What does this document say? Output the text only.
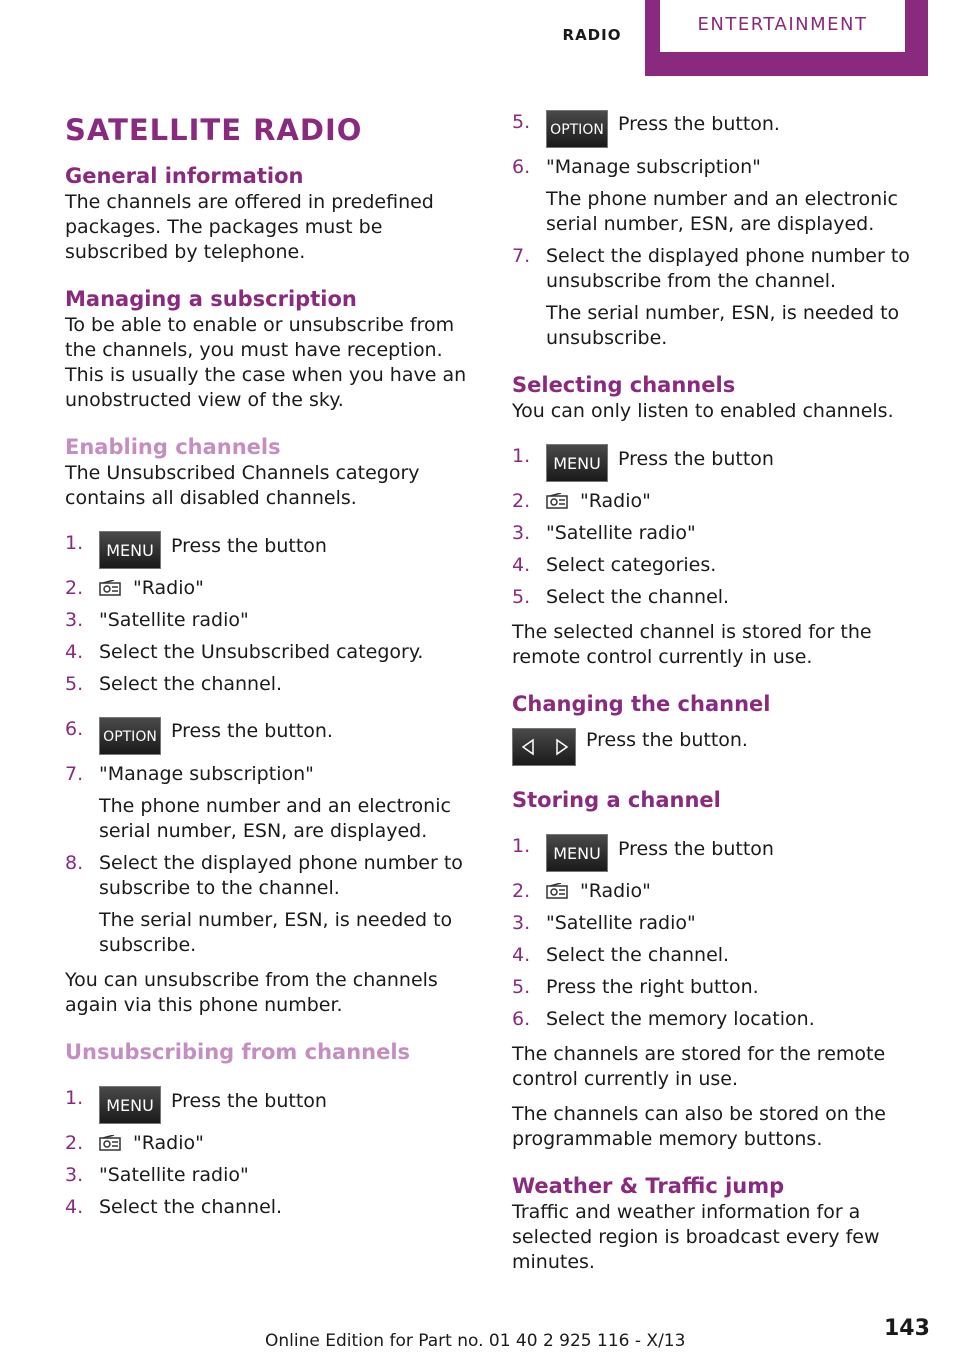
RADIO	ENTERTAINMENT
SATELLITE RADIO
General information

The channels are offered in predefined packages. The packages must be subscribed by telephone.

Managing a subscription

To be able to enable or unsubscribe from the channels, you must have reception. This is usually the case when you have an unobstructed view of the sky.

Enabling channels

The Unsubscribed Channels category contains all disabled channels.

1. MENU Press the button
2.	"Radio"
3. "Satellite radio"
4. Select the Unsubscribed category.
5. Select the channel.
6. OPTION Press the button.
7. "Manage subscription"
The phone number and an electronic serial number, ESN, are displayed.
8. Select the displayed phone number to subscribe to the channel.
The serial number, ESN, is needed to subscribe.

You can unsubscribe from the channels again via this phone number.

Unsubscribing from channels
1. MENU Press the button
2.	"Radio"
3. "Satellite radio"
4. Select the channel.
5. OPTION Press the button.
6. "Manage subscription"
The phone number and an electronic serial number, ESN, are displayed.
7. Select the displayed phone number to unsubscribe from the channel.
The serial number, ESN, is needed to unsubscribe.
Selecting channels

You can only listen to enabled channels.

1. MENU Press the button
2.	"Radio"
3. "Satellite radio"
4. Select categories.
5. Select the channel.

The selected channel is stored for the remote control currently in use.

Changing the channel

Press the button.

Storing a channel
1. MENU Press the button
2.	"Radio"
3. "Satellite radio"
4. Select the channel.
5. Press the right button.
6. Select the memory location.

The channels are stored for the remote control currently in use.

The channels can also be stored on the programmable memory buttons.

Weather & Traffic jump

Traffic and weather information for a selected region is broadcast every few minutes.

Online Edition for Part no. 01 40 2 925 116 - X/13	143
